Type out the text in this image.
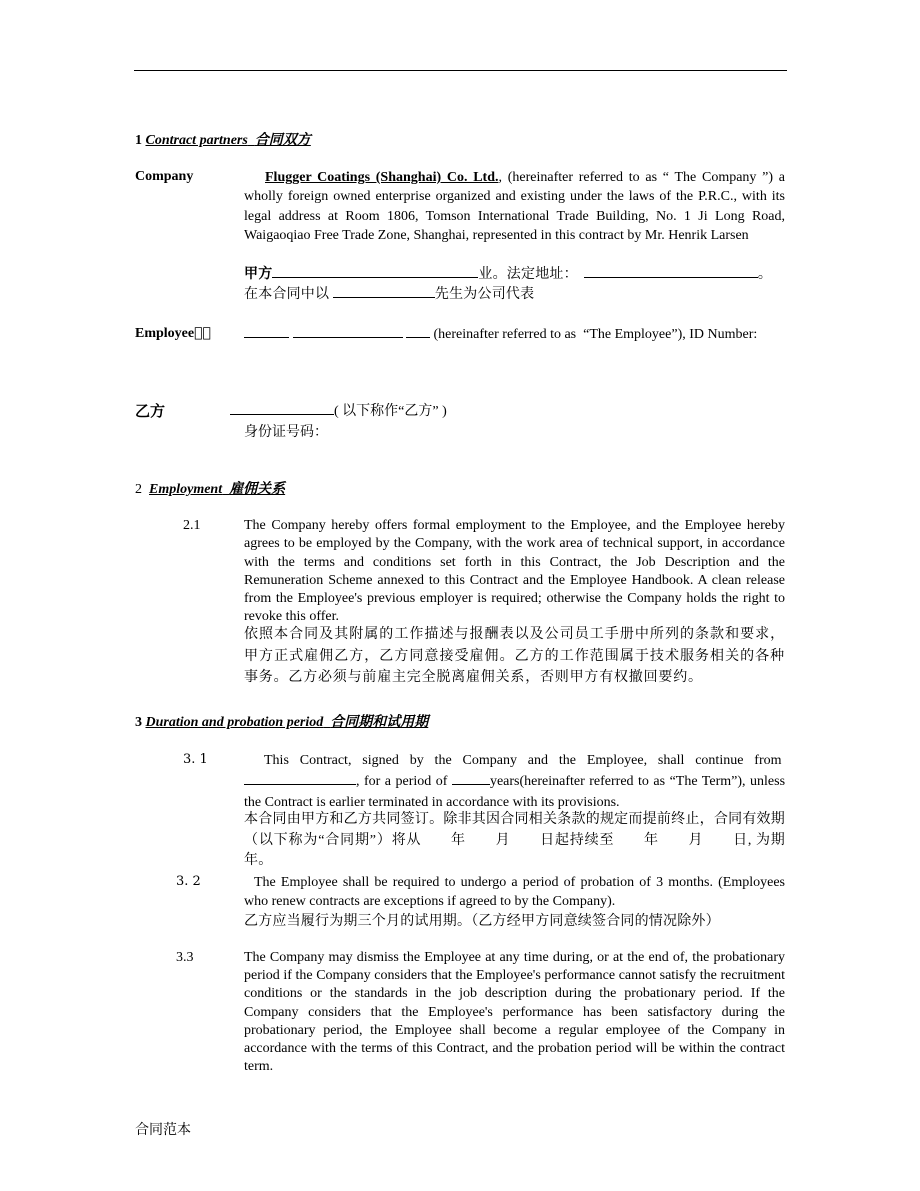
1 Contract partners 合同双方
Company	Flugger Coatings (Shanghai) Co. Ltd., (hereinafter referred to as “ The Company ”) a wholly foreign owned enterprise organized and existing under the laws of the P.R.C., with its legal address at Room 1806, Tomson International Trade Building, No. 1 Ji Long Road, Waigaoqiao Free Trade Zone, Shanghai, represented in this contract by Mr. Henrik Larsen
甲方	业。法定地址：	。
在本合同中以	先生为公司代表
Employee  	(hereinafter referred to as  “The Employee”), ID Number:
乙方	( 以下称作“乙方” )
身份证号码：
2 Employment 雇佣关系

2.1	The Company hereby offers formal employment to the Employee, and the Employee hereby agrees to be employed by the Company, with the work area of technical support, in accordance with the terms and conditions set forth in this Contract, the Job Description and the Remuneration Scheme annexed to this Contract and the Employee Handbook. A clean release from the Employee's previous employer is required; otherwise the Company holds the right to revoke this offer.
依照本合同及其附属的工作描述与报酬表以及公司员工手册中所列的条款和要求，甲方正式雇佣乙方，乙方同意接受雇佣。乙方的工作范围属于技术服务相关的各种事务。乙方必须与前雇主完全脱离雇佣关系，否则甲方有权撤回要约。
3 Duration and probation period 合同期和试用期
3. 1	This Contract, signed by the Company and the Employee, shall continue from , for a period of	years(hereinafter referred to as “The Term”), unless the Contract is earlier terminated in accordance with its provisions.
本合同由甲方和乙方共同签订。除非其因合同相关条款的规定而提前终止，合同有效期（以下称为“合同期”）将从　　年　　月　　日起持续至　　年　　月　　日, 为期　　年。
3. 2	The Employee shall be required to undergo a period of probation of 3 months. (Employees who renew contracts are exceptions if agreed to by the Company).
乙方应当履行为期三个月的试用期。（乙方经甲方同意续签合同的情况除外）
3.3	The Company may dismiss the Employee at any time during, or at the end of, the probationary period if the Company considers that the Employee's performance cannot satisfy the recruitment conditions or the standards in the job description during the probationary period. If the Company considers that the Employee's performance has been satisfactory during the probationary period, the Employee shall become a regular employee of the Company in accordance with the terms of this Contract, and the probation period will be within the contract term.
合同范本
